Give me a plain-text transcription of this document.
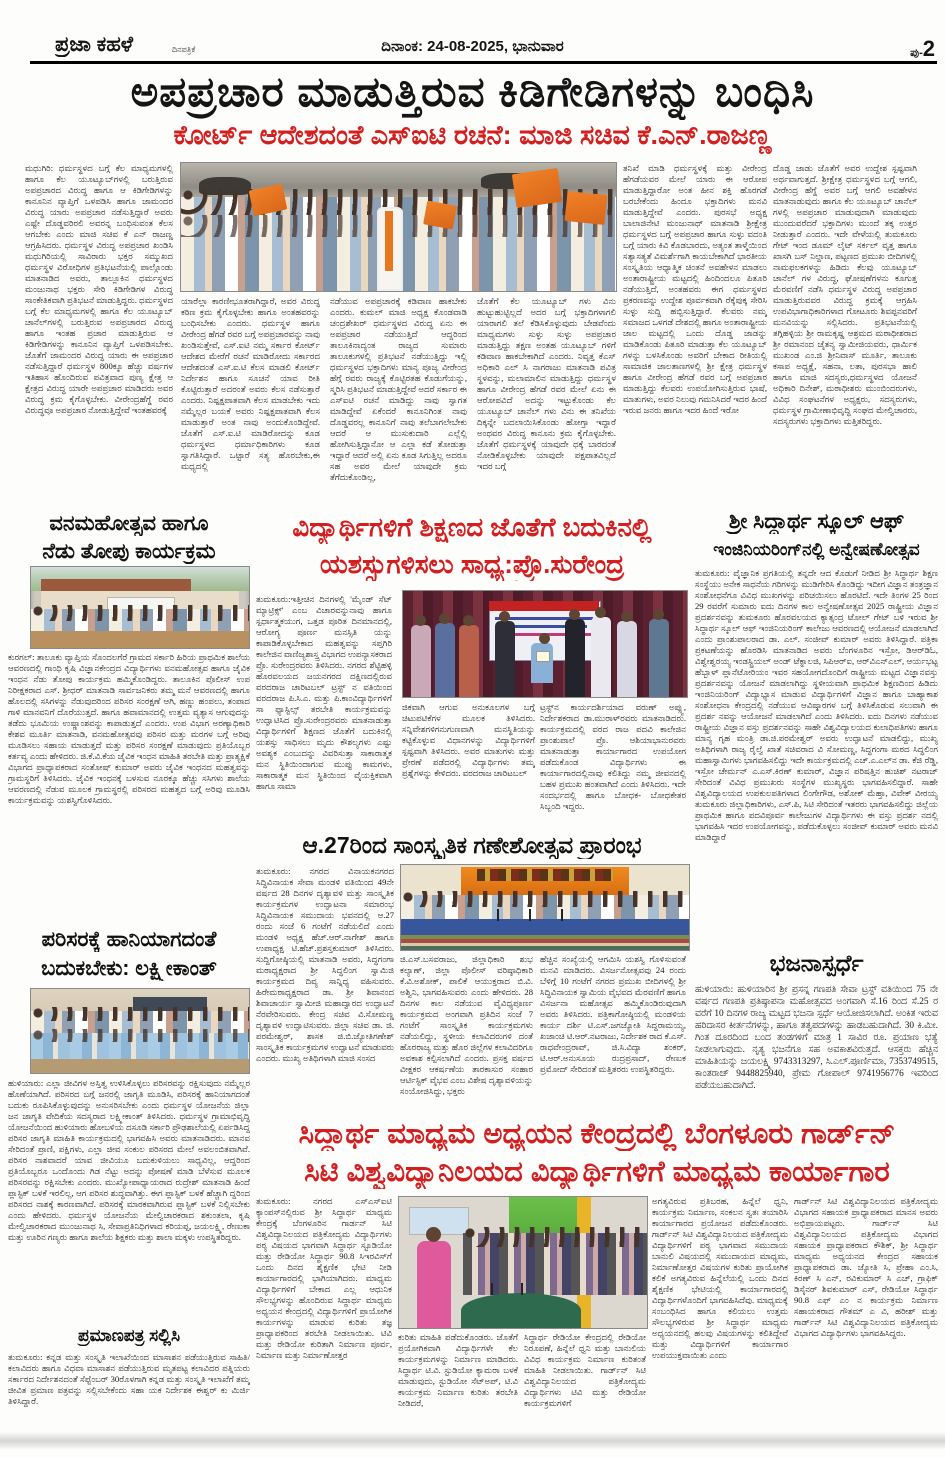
ಪ್ರಜಾ ಕಹಳೆ	ದಿನಪತ್ರಿಕೆ	ದಿನಾಂಕ: 24-08-2025, ಭಾನುವಾರ	ಪು-2
ಅಪಪ್ರಚಾರ ಮಾಡುತ್ತಿರುವ ಕಿಡಿಗೇಡಿಗಳನ್ನು ಬಂಧಿಸಿ
ಕೋರ್ಟ್ ಆದೇಶದಂತೆ ಎಸ್‌ಐಟಿ ರಚನೆ: ಮಾಜಿ ಸಚಿವ ಕೆ.ಎನ್.ರಾಜಣ್ಣ
ಮಧುಗಿರಿ: ಧರ್ಮಸ್ಥಳದ ಬಗ್ಗೆ ಕೆಲ ಮಾಧ್ಯಮಗಳಲ್ಲಿ ಹಾಗೂ ಕೆಲ ಯೂಟ್ಯೂಬ್‌ಗಳಲ್ಲಿ ಬರುತ್ತಿರುವ ಅಪಪ್ರಚಾರದ ವಿರುದ್ಧ ಹಾಗೂ ಆ ಕಿಡಿಗೇಡಿಗಳನ್ನು ಕಾನೂನಿನ ವ್ಯಾಪ್ತಿಗೆ ಒಳಪಡಿಸಿ ಹಾಗೂ ಜಾಮಂದರ ವಿರುದ್ಧ ಯಾರು ಅಪಪ್ರಚಾರ ನಡೆಸುತ್ತಿದ್ದಾರೆ ಅವರು ಎಷ್ಟೇ ದೊಡ್ಡವರಿರಲಿ ಅವರನ್ನ ಬಂಧಿಸುವಂತ ಕೆಲಸ ಆಗಬೇಕು ಎಂದು ಮಾಜಿ ಸಚಿವ ಕೆ ಎನ್ ರಾಜಣ್ಣ ಆಗ್ರಹಿಸಿದರು. ಧರ್ಮಸ್ಥಳ ವಿರುದ್ಧ ಅಪಪ್ರಚಾರ ಖಂಡಿಸಿ ಮಧುಗಿರಿಯಲ್ಲಿ ಸಾವಿರಾರು ಭಕ್ತರ ಸಮ್ಮುಖದ ಧರ್ಮಸ್ಥಳ ವಿರೋಧಿಗಳ ಪ್ರತಿಭಟನೆಯಲ್ಲಿ ಪಾಲ್ಗೊಂಡು ಮಾತನಾಡಿದ ಅವರು, ತಾಲ್ಲೂಕಿನ ಧರ್ಮಸ್ಥಳದ ಮಂಜುನಾಥ ಭಕ್ತರು ಸೇರಿ ಕಿಡಿಗೇಡಿಗಳ ವಿರುದ್ಧ ಸಾಂಕೇತಿಕವಾಗಿ ಪ್ರತಿಭಟನೆ ಮಾಡುತ್ತಿದ್ದರು. ಧರ್ಮಸ್ಥಳದ ಬಗ್ಗೆ ಕೆಲ ಮಾಧ್ಯಮಗಳಲ್ಲಿ ಹಾಗೂ ಕೆಲ ಯೂಟ್ಯೂಬ್ ಚಾನೆಲ್‌ಗಳಲ್ಲಿ ಬರುತ್ತಿರುವ ಅಪಪ್ರಚಾರದ ವಿರುದ್ಧ ಹಾಗೂ ಇಂತಹ ಪ್ರಚಾರ ಮಾಡುತ್ತಿರುವ ಆ ಕಿಡಿಗೇಡಿಗಳನ್ನು ಕಾನೂನಿನ ವ್ಯಾಪ್ತಿಗೆ ಒಳಪಡಿಸಬೇಕು. ಜೊತೆಗೆ ಜಾಮಂದರ ವಿರುದ್ಧ ಯಾರು ಈ ಅಪಪ್ರಚಾರ ನಡೆಸುತ್ತಿದ್ದಾರೆ ಧರ್ಮಸ್ಥಳ 800ಕ್ಕೂ ಹೆಚ್ಚು ವರ್ಷಗಳ ಇತಿಹಾಸ ಹೊಂದಿರುವ ಪವಿತ್ರವಾದ ಪುಣ್ಯ ಕ್ಷೇತ್ರ ಆ ಕ್ಷೇತ್ರದ ವಿರುದ್ಧ ಯಾರೇ ಅಪಪ್ರಚಾರ ಮಾಡಿದರು ಅವರ ವಿರುದ್ಧ ಕ್ರಮ ಕೈಗೊಳ್ಳಬೇಕು. ವೀರೇಂದ್ರಹೆಗ್ಡೆ ರವರ ವಿರುದ್ಧವೂ ಅಪಪ್ರಚಾರ ನೋಡುತ್ತಿದ್ದೇವೆ ಇಂತಹವರಕ್ಕೆ
ಯಾರೆಲ್ಲಾ ಕಾರಣೀಭೂತರಾಗಿದ್ದಾರೆ, ಅವರ ವಿರುದ್ಧ ಕಠಿಣ ಕ್ರಮ ಕೈಗೊಳ್ಳಬೇಕು ಹಾಗೂ ಅಂತಹವರನ್ನು ಬಂಧಿಸಬೇಕು ಎಂದರು. ಧರ್ಮಸ್ಥಳ ಹಾಗೂ ವೀರೇಂದ್ರ ಹೆಗಡೆ ರವರ ಬಗ್ಗೆ ಅಪಪ್ರಚಾರವನ್ನು ನಾವು ಖಂಡಿಸುತ್ತೇವೆ, ಎಸ್.ಐಟಿ ನಮ್ಮ ಸರ್ಕಾರ ಕೋರ್ಟ್ ಆದೇಶದ ಮೇರೆಗೆ ರಚನೆ ಮಾಡಿರೋದು ಸರ್ಕಾರದ ಆದೇಶದಂತೆ ಎಸ್.ಐ.ಟಿ ಕೆಲಸ ಮಾಡಲಿ ಕೋರ್ಟ್ ನಿರ್ದೇಶನ ಹಾಗೂ ಸೂಚನೆ ಯಾವ ರೀತಿ ಕೊಟ್ಟಿರುತ್ತಾರೆ ಅದರಂತೆ ಅವರು ಕೆಲಸ ನಡೆಸುತ್ತಾರೆ ಎಂದರು. ನಿಷ್ಪಕ್ಷಪಾತವಾಗಿ ಕೆಲಸ ಮಾಡಬೇಕು ಇದು ನಮ್ಮೆಲ್ಲರ ಬಯಕೆ ಅವರು ನಿಷ್ಪಕ್ಷಪಾತವಾಗಿ ಕೆಲಸ ಮಾಡುತ್ತಾರೆ ಅಂತ ನಾವು ಅಂದುಕೊಂಡಿದ್ದೇವೆ. ಜೊತೆಗೆ ಎಸ್.ಐ.ಟಿ ಮಾಡಿರೋದನ್ನು ಕೂಡ ಧರ್ಮಸ್ಥಳದ ಧರ್ಮಾಧಿಕಾರಿಗಳು ಕೂಡ ಸ್ವಾಗತಿಸಿದ್ದಾರೆ. ಒಟ್ಟಾರೆ ಸತ್ಯ ಹೊರಬೇಕು,ಈ ಮಧ್ಯದಲ್ಲಿ
ನಡೆಯುವ ಅಪಪ್ರಚಾರಕ್ಕೆ ಕಡಿವಾಣ ಹಾಕಬೇಕು ಎಂದರು. ಕುಮಲ್ ಮಾಜಿ ಅಧ್ಯಕ್ಷ ಕೊಂಡವಾಡಿ ಚಂದ್ರಶೇಖರ್ ಧರ್ಮಸ್ಥಳದ ವಿರುದ್ಧ ಏನು ಈ ಅಪಪ್ರಚಾರ ನಡೆಯುತ್ತಿದೆ ಆದ್ದರಿಂದ ತಾಲೂಕಿನಾದ್ಯಂತ ರಾಜ್ಯದ ಸುಮಾರು ತಾಲೂಕುಗಳಲ್ಲಿ ಪ್ರತಿಭಟನೆ ನಡೆಯುತ್ತಿದ್ದು ಇಲ್ಲಿ ಧರ್ಮಸ್ಥಳದ ಭಕ್ತಾದಿಗಳು ಮಾನ್ಯ ಪೂಜ್ಯ ವೀರೇಂದ್ರ ಹೆಗ್ಗೆ ರವರು ರಾಜ್ಯಕ್ಕೆ ಕೊಟ್ಟಿರತಹ ಕೊಡುಗೆಯನ್ನು, ಸ್ಮರಿಸಿ ಪ್ರತಿಭಟನೆ ಮಾಡುತ್ತಿದ್ದೇವೆ ಅದರೆ ಸರ್ಕಾರ ಈ ಎಸ್ಐಟಿ ರಚನೆ ಮಾಡಿದ್ದು ನಾವು ಸ್ವಾಗತ ಮಾಡಿದ್ದೇವೆ ಏಕೆಂದರೆ ಕಾನೂನಿಗಿಂತ ನಾವು ದೊಡ್ಡವರಲ್ಲ ಕಾನೂನಿಗೆ ನಾವು ತಲೆಬಾಗಲೇಬೇಕು ಆದರೆ ಆ ಮುಸುಕುದಾರಿ ಎಲ್ಲೆಲ್ಲಿ ಹೋಗಿಸುತ್ತಿದ್ದಾನೋ ಆ ಎಲ್ಲಾ ಕಡೆ ತೋಡುತ್ತಾ ಇದ್ದಾರೆ ಆದರೆ ಅಲ್ಲಿ ಏನು ಕೂಡ ಸಿಗುತ್ತಿಲ್ಲ ಅದರೂ ಸಹ ಅವರ ಮೇಲೆ ಯಾವುದೇ ಕ್ರಮ ತೆಗೆದುಕೊಂಡಿಲ್ಲ,
ಜೊತೆಗೆ ಕೆಲ ಯೂಟ್ಯೂಬ್ ಗಳು ವಿನು ಹುಟ್ಟುಹುಟ್ಟಿಲ್ಲದೆ ಅದರ ಬಗ್ಗೆ ಭಕ್ತಾದಿಗಳಾಗಲಿ ಯಾರಾಗಲಿ ತಲೆ ಕೆಡಿಸಿಕೊಳ್ಳುವುದು ಬೇಡವೆಂದು ಮಾಧ್ಯಮಗಳು ಸುಳ್ಳು ಸುಳ್ಳು ಅಪಪ್ರಚಾರ ಮಾಡುತ್ತಿದ್ದು ತಕ್ಷಣ ಅಂತಹ ಯೂಟ್ಯೂಬ್ ಗಳಿಗೆ ಕಡಿವಾಣ ಹಾಕಬೇಕಾಗಿದೆ ಎಂದರು. ನಿವೃತ್ತ ಕೆಎಸ್ ಅಧಿಕಾರಿ ಎಲ್ ಸಿ ನಾಗರಾಜು ಮಾತನಾಡಿ ಪವಿತ್ರ ಸ್ಥಳವನ್ನು, ಮಲಾಮಾಲಿನ ಮಾಡುತ್ತಿದ್ದು ಧರ್ಮಸ್ಥಳ ಹಾಗೂ ವೀರೇಂದ್ರ ಹೆಗಡೆ ರವರ ಮೇಲೆ ಏನು ಈ ಆರೋಪವಿದೆ ಅದನ್ನು ಇಟ್ಟುಕೊಂಡು ಕೆಲ ಯೂಟ್ಯೂಬ್ ಚಾನೆಲ್ ಗಳು ವಿನು ಈ ತನಿಖೆಯ ದಿಕ್ಕನ್ನೇ ಬದಲಾಯಿಸಿಕೊಂಡು ಹೋಗ್ತಾ ಇದ್ದಾರೆ ಅಂಥವರ ವಿರುದ್ಧ ಕಾನೂನು ಕ್ರಮ ಕೈಗೊಳ್ಳಬೇಕು. ಜೊತೆಗೆ ಧರ್ಮಸ್ಥಳಕ್ಕೆ ಯಾವುದೇ ಧಕ್ಕೆ ಬಾರದಂತೆ ನೋಡಿಕೊಳ್ಳಬೇಕು ಯಾವುದೇ ಪಕ್ಷಪಾತವಿಲ್ಲದೆ ಇದರ ಬಗ್ಗೆ
ತನಿಖೆ ಮಾಡಿ ಧರ್ಮಸ್ಥಳಕ್ಕೆ ಮತ್ತು ವೀರೇಂದ್ರ ಹೆಗಡೆಯವರ ಮೇಲೆ ಯಾರು ಈ ಆರೋಪ ಮಾಡುತ್ತಿದ್ದಾರೋ ಅಂತ ಹೀನ ಶಕ್ತಿ ಹೊರಗಡೆ ಬರಬೇಕೆಂದು ಹಿಂದೂ ಭಕ್ತಾದಿಗಳು ಮನವಿ ಮಾಡುತ್ತಿದ್ದೇವೆ ಎಂದರು. ಪುರಸಭೆ ಅಧ್ಯಕ್ಷ ಬಾಲಾಜಿನೇಟಿ ಮಂಜುನಾಥ್ ಮಾತನಾಡಿ ಶ್ರೀಕ್ಷೇತ್ರ ಧರ್ಮಸ್ಥಳದ ಬಗ್ಗೆ ಅಪಪ್ರಚಾರ ಹಾಗೂ ಸುಳ್ಳು ವದಂತಿ ಬಗ್ಗೆ ಯಾರು ಕಿವಿ ಕೊಡಬಾರದು, ಅತ್ಯಂತ ತಾಳ್ಮೆಯಿಂದ ಸತ್ಯಾಸತ್ಯತೆ ವಿಮರ್ಶೆಗಾಗಿ ಕಾಯಬೇಕಾಗಿದೆ ಭಾರತೀಯ ಸಂಸ್ಕೃತಿಯ ಆಧ್ಯಾತ್ಮಿಕ ಚಿಂತನೆ ಅವಹೇಳನ ಮಾಡಲು ಅಂತಾರಾಷ್ಟ್ರೀಯ ಮಟ್ಟದಲ್ಲಿ ಹಿಂದಿಂದಲೂ ಪಿತೂರಿ ನಡೆಯುತ್ತಿದೆ, ಅಂತಹವರು ಈಗ ಧರ್ಮಸ್ಥಳದ ಪ್ರಕರಣವನ್ನು ಉದ್ದೇಶ ಪೂರ್ವಕವಾಗಿ ರೆಕ್ಕೆಪುಕ್ಕ ಸೇರಿಸಿ ಸುಳ್ಳು ಸುದ್ದಿ ಹಬ್ಬಿಸುತ್ತಿದ್ದಾರೆ. ಕೆಲವರು ನಮ್ಮ ಸಮಾಜದ ಒಳಗಡೆ ದೇಶದಲ್ಲಿ ಹಾಗೂ ಅಂತಾರಾಷ್ಟ್ರೀಯ ಜಾಲ ಮಟ್ಟದಲ್ಲಿ ಒಂದು ದೊಡ್ಡ ಜಾಡನ್ನು ಮಾಡಿಕೊಂಡು ಪಿತೂರಿ ಮಾಡುತ್ತಾ ಕೆಲ ಯೂಟ್ಯೂಬ್ ಗಳನ್ನು ಬಳಸಿಕೊಂಡು ಅವರಿಗೆ ಬೇಕಾದ ರೀತಿಯಲ್ಲಿ ಸಾಮಾಜಿಕ ಜಾಲತಾಣಗಳಲ್ಲಿ ಶ್ರೀ ಕ್ಷೇತ್ರ ಧರ್ಮಸ್ಥಳ ಹಾಗೂ ವೀರೇಂದ್ರ ಹೆಗಡೆ ರವರ ಬಗ್ಗೆ ಅಪಪ್ರಚಾರ ಮಾಡುತ್ತಿದ್ದು ಕೆಲವರು ಉಪಯೋಗಿಸುತ್ತಿರುವ ಭಾಷೆ, ಮಾತುಗಳು, ಅವರ ನಿಲುವು ಗಮನಿಸಿದರೆ ಇದರ ಹಿಂದೆ ಇರುವ ಜನರು ಹಾಗೂ ಇದರ ಹಿಂದೆ ಇರೋ
ದೊಡ್ಡ ಜಾಡು ಜೊತೆಗೆ ಅವರ ಉದ್ದೇಶ ಸ್ಪಷ್ಟವಾಗಿ ಅರ್ಥವಾಗುತ್ತದೆ. ಶ್ರೀಕ್ಷೇತ್ರ ಧರ್ಮಸ್ಥಳದ ಬಗ್ಗೆ ಆಗಲಿ, ವೀರೇಂದ್ರ ಹೆಗ್ಡೆ ಅವರ ಬಗ್ಗೆ ಆಗಲಿ ಅವಹೇಳನ ಮಾತನಾಡುವುದು ಹಾಗೂ ಕೆಲ ಯೂಟ್ಯೂಬ್ ಚಾನೆಲ್ ಗಳಲ್ಲಿ ಅಪಪ್ರಚಾರ ಮಾಡುವುದಾಗಿ ಮಾಡುವುದು ಮುಂದುವರೆದರೆ ಭಕ್ತಾದಿಗಳು ಮುಂದೆ ತಕ್ಕ ಉತ್ತರ ನೀಡುತ್ತಾರೆ ಎಂದರು. ಇದೇ ವೇಳೆಯಲ್ಲಿ ತುಮಕೂರು ಗೇಟ್ ಇಂದ ಡೂಮ್ ಲೈಟ್ ಸರ್ಕಲ್ ವೃತ್ತ ಹಾಗೂ ಖಾಸಗಿ ಬಸ್ ನಿಲ್ದಾಣ, ಪಟ್ಟಣದ ಪ್ರಮುಖ ಬೀದಿಗಳಲ್ಲಿ ನಾಮಫಲಕಗಳನ್ನು ಹಿಡಿದು ಕೆಲವು ಯೂಟ್ಯೂಬ್ ಚಾನೆಲ್ ಗಳ ವಿರುದ್ಧ, ಘೋಷಣೆಗಳನು ಕೂಗುತ್ತ ಮೆರವಣಿಗೆ ನಡೆಸಿ ಧರ್ಮಸ್ಥಳ ವಿರುದ್ಧ ಅಪಪ್ರಚಾರ ಮಾಡುತ್ತಿರುವವರ ವಿರುದ್ಧ ಕ್ರಮಕ್ಕೆ ಆಗ್ರಹಿಸಿ ಉಪವಿಭಾಗಾಧಿಕಾರಿಗಳಾದ ಗೋಟೂರು ಶಿವಪ್ಪನವರಿಗೆ ಮನವಿಯನ್ನು ಸಲ್ಲಿಸಿದರು. ಪ್ರತಿಭಟನೆಯಲ್ಲಿ ತಗ್ಗಿಹಳ್ಳಿಯ ಶ್ರೀ ರಾಮಕೃಷ್ಣ ಆಶ್ರಮದ ಮಠಾಧೀಶರಾದ ಶ್ರೀ ರಮಾನಂದ ಚೈತನ್ಯ ಸ್ವಾಮೀಜಿಯವರು, ಧಾರ್ಮಿಕ ಮುಖಂಡ ಎಂ.ಜಿ ಶ್ರೀನಿವಾಸ್ ಮೂರ್ತಿ, ತಾಲೂಕು ಕಸಾಪ ಅಧ್ಯಕ್ಷೆ, ಸಹನಾ, ಲತಾ, ಪುರಸಭಾ ಹಾಲಿ ಹಾಗೂ ಮಾಜಿ ಸದಸ್ಯರು,ಧರ್ಮಸ್ಥಳದ ಯೋಜನೆ ಅಧಿಕಾರಿ ದಿನೇಶ್, ಮಠಾಧೀಶರು ಮುಂಬಿಂದರುಗಳು, ವಿವಿಧ ಸಂಘಟನೆಗಳ ಅಧ್ಯಕ್ಷರು, ಸದಸ್ಯರುಗಳು, ಧರ್ಮಸ್ಥಳ ಗ್ರಾಮೀಣಾಭಿವೃದ್ಧಿ ಸಂಘದ ಮೇಲ್ವಿಚಾರರು, ಸದಸ್ಯರುಗಳು ಭಕ್ತಾದಿಗಳು ಮತ್ತಿತರಿದ್ದರು.
ವನಮಹೋತ್ಸವ ಹಾಗೂ
ನೆಡು ತೋಪು ಕಾರ್ಯಕ್ರಮ
ಕುರಗಲ್: ತಾಲೂಕು ವ್ಯಾಪ್ತಿಯ ಸೊಂದಲಗೆರೆ ಗ್ರಾಮದ ಸರ್ಕಾರಿ ಹಿರಿಯ ಪ್ರಾಥಮಿಕ ಶಾಲೆಯ ಆವರಣದಲ್ಲಿ ಗಾಂಧಿ ಕೃಷಿ ವಿಜ್ಞಾನಕೇಂದ್ರದ ವಿದ್ಯಾರ್ಥಿಗಳು ವನಮಹೋತ್ಸವ ಹಾಗೂ ಜೈವಿಕ ಇಂಧನ ನೆಡು ತೋಪು ಕಾರ್ಯಕ್ರಮ ಹಮ್ಮಿಕೊಂಡಿದ್ದರು. ತಾಲೂಕಿನ ಪೊಲೀಸ್ ಉಪ ನಿರೀಕ್ಷಕರಾದ ಎಸ್. ಶ್ರೀಧರ್ ಮಾತನಾಡಿ ಸಾರ್ವಜನಿಕರು ತಮ್ಮ ಮನೆ ಆವರಣದಲ್ಲಿ ಹಾಗೂ ಹೊಲದಲ್ಲಿ ಸಸಿಗಳನ್ನು ನೆಡುವುದರಿಂದ ಪರಿಸರ ಸಂರಕ್ಷಣೆ ಆಗಿ, ಹಣ್ಣು ಹಂಪಲು, ತಂಪಾದ ಗಾಳಿ ಮಾನವನಿಗೆ ದೊರೆಯುತ್ತದೆ. ಹಾಗೂ ಹವಾಮಾನದಲ್ಲಿ ಉತ್ತಮ ವ್ಯತ್ಯಾಸ ಆಗುವುದನ್ನು ತಡೆದು ಭೂಮಿಯ ಉಷ್ಣಾಂಶವನ್ನು ಕಾಪಾಡುತ್ತದೆ ಎಂದರು. ಉಪ ವಿಭಾಗ ಅರಣ್ಯಾಧಿಕಾರಿ ಕೇಶವ ಮೂರ್ತಿ ಮಾತನಾಡಿ, ವನಮಹೋತ್ಸವವು ಪರಿಸರ ಮತ್ತು ಮರಗಳ ಬಗ್ಗೆ ಅರಿವು ಮೂಡಿಸಲು ಸಹಾಯ ಮಾಡುತ್ತದೆ ಮತ್ತು ಪರಿಸರ ಸಂರಕ್ಷಣೆ ಮಾಡುವುದು ಪ್ರತಿಯೊಬ್ಬರ ಕರ್ತವ್ಯ ಎಂದು ಹೇಳಿದರು. ಜಿ.ಕೆ.ವಿ.ಕೆಯ ಜೈವಿಕ ಇಂಧನ ಮಾಹಿತಿ ತರಬೇತಿ ಮತ್ತು ಪ್ರಾತ್ಯಕ್ಷಿಕೆ ವಿಭಾಗದ ಪ್ರಾಧ್ಯಾಪಕರಾದ ಸಂತೋಷ್ ಕುಮಾರ್ ಅವರು ಜೈವಿಕ ಇಂಧನದ ಮಹತ್ವವನ್ನು ಗ್ರಾಮಸ್ಥರಿಗೆ ತಿಳಿಸಿದರು. ಜೈವಿಕ ಇಂಧನಕ್ಕೆ ಬಳಸುವ ನೂರಕ್ಕೂ ಹೆಚ್ಚು ಸಸಿಗಳು ಶಾಲೆಯ ಆವರಣದಲ್ಲಿ ನೆಡುವ ಮೂಲಕ ಗ್ರಾಮಸ್ಥರಲ್ಲಿ ಪರಿಸರದ ಮಹತ್ವದ ಬಗ್ಗೆ ಅರಿವು ಮೂಡಿಸಿ ಕಾರ್ಯಕ್ರಮವನ್ನು ಯಶಸ್ವಿಗೊಳಿಸಿದರು.
ವಿದ್ಯಾರ್ಥಿಗಳಿಗೆ ಶಿಕ್ಷಣದ ಜೊತೆಗೆ ಬದುಕಿನಲ್ಲಿ
ಯಶಸ್ಸುಗಳಿಸಲು ಸಾಧ್ಯ:ಪ್ರೊ.ಸುರೇಂದ್ರ
ತುಮಕೂರು:ಇತ್ತೀಚಿನ ದಿನಗಳಲ್ಲಿ 'ಮೈಂಡ್ ಸೆಟ್ ಮ್ಯಾಟ್ರಿಕ್ಸ್' ಎಂಬ ವಿಚಾರವನ್ನುನಾವು ಹಾಗೂ ಸ್ಪರ್ಧಾತ್ಮಕಯುಗ, ಒತ್ತಡ ಪೂರಿತ ದಿನಮಾನದಲ್ಲಿ, ಆರೋಗ್ಯ ಪೂರ್ಣ ಮನಸ್ಸಿತಿ ಯನ್ನು ಕಾಪಾಡಿಕೊಳ್ಳಬೇಕಾದ ಮಹತ್ವವನ್ನು ಸಪ್ತಗಿರಿ ಕಾಲೇಜಿನ ವಾಣಿಜ್ಯಶಾಸ್ತ್ರ ವಿಭಾಗದ ಉಪನ್ಯಾಸಕರಾದ ಪ್ರೊ. ಸುರೇಂದ್ರರವರು ತಿಳಿಸಿದರು. ನಗರದ ಶೆಟ್ಟಿಹಳ್ಳಿ ಹೊರವಲಯದ ಜಯನಗರದ ದಕ್ಷಿಣದಲ್ಲಿರುವ ವರದರಾಜ ಚಾರಿಟಬಲ್ ಟ್ರಸ್ಟ್ ನ ವತಿಯಿಂದ ವರದರಾಜ ಪಿ.ಸಿ.ಎ. ಮತ್ತು ಪಿ.ಕಾಂವಿದ್ಯಾರ್ಥಿಗಳಿಗೆ ಸಾ ಫ್ಯಾಸ್ಟಿಲ್ಸ್ ತರಬೇತಿ ಕಾರ್ಯಕ್ರಮವನ್ನು ಉದ್ಘಾಟಿಸಿದ ಪ್ರೊ.ಸುರೇಂದ್ರರವರು ಮಾತನಾಡುತ್ತಾ ವಿದ್ಯಾರ್ಥಿಗಳಿಗೆ ಶಿಕ್ಷಣದ ಜೊತೆಗೆ ಬದುಕಿನಲ್ಲಿ ಯಶಸ್ಸು ಸಾಧಿಸಲು ಮೃದು ಕೌಶಲ್ಯಗಳು ಎಷ್ಟು ಅವಶ್ಯಕ ಎಂಬುದನ್ನು ವಿವರಿಸುತ್ತಾ ಸಾಕಾರಾತ್ಮಕ ಮನ ಸ್ಥಿತಿಯಿಂದಾಗುವ ಮುಪ್ಪು ಕಾಮಗಳು, ಸಾಕಾರಾತ್ಮಕ ಮನ ಸ್ಥಿತಿಯಿಂದ ವೈಯಕ್ತಿಕವಾಗಿ ಹಾಗೂ ಸಾಮಾ
ಜಿಕವಾಗಿ ಆಗುವ ಅನುಕೂಲಗಳ ಬಗ್ಗೆ ಚಿಟುಪಟಿಕೆಗಳ ಮೂಲಕ ತಿಳಿಸಿದರು. ಸನ್ನಿವೇಶಗಳಿಗನುಗುಣವಾಗಿ ಮನಸ್ಥಿತಿಯನ್ನು ಕಟ್ಟಿಕೊಳ್ಳುವ ವಿಧಾನಗಳನ್ನು ವಿದ್ಯಾರ್ಥಿಗಳಿಗೆ ಸ್ಪಷ್ಟವಾಗಿ ತಿಳಿಸಿದರು. ಅವರ ಮಾತುಗಳು ಮತ್ತು ಪ್ರೇರಣೆ ಪಡೆದರಲ್ಲಿ ವಿದ್ಯಾರ್ಥಿಗಳು ತಮ್ಮ ಪ್ರಶ್ನೆಗಳನ್ನು ಕೇಳಿದರು. ವರದರಾಜ ಚಾರಿಟಬಲ್
ಟ್ರಸ್ಟ್‌ನ ಕಾರ್ಯದರ್ಶಿಯಾದ ವರುಣ್ ಅಪ್ಸ್ವು, ನಿರ್ದೇಶಕರಾದ ಡಾ.ಮುರಾಳ್‌ರವರು ಮಾತನಾಡಿದರು. ಕಾರ್ಯಕ್ರಮದಲ್ಲಿ ವರದ ರಾಜ ಪದವಿ ಕಾಲೇಜಿನ ಪ್ರಾಂಶುಪಾಲೆ ಪ್ರೊ. ಆಶಿಯಾಭಾನುರವರು ಮಾತನಾಡುತ್ತಾ ಕಾರ್ಯಾಗಾರದ ಉಪಯೋಗ ಪಡೆದುಕೊಂಡ ವಿದ್ಯಾರ್ಥಿಗಳು ಈ ಕಾರ್ಯಾಗಾರದಲ್ಲಿನಾವು ಕಲಿತಿದ್ದು ನಮ್ಮ ಜೀವನದಲ್ಲಿ ಬಹಳ ಪ್ರಮುಖ ಹಂತವಾಗಿದೆ ಎಂದು ತಿಳಿಸಿದರು. ಇದೇ ಸಂದರ್ಭದಲ್ಲಿ ಹಾಗೂ ಬೋಧಕ- ಬೋಧಕೇತರ ಸಿಬ್ಬಂದಿ ಇದ್ದರು.
ಆ.27ರಿಂದ ಸಾಂಸ್ಕೃತಿಕ ಗಣೇಶೋತ್ಸವ ಪ್ರಾರಂಭ
ತುಮಕೂರು: ನಗರದ ವಿನಾಯಕನಗರದ ಸಿದ್ಧಿವಿನಾಯಕ ಸೇವಾ ಮಂಡಳಿ ವತಿಯಿಂದ 49ನೇ ವರ್ಷದ 28 ದಿನಗಳ ದೃಶ್ಯಾವಳಿ ಮತ್ತು ಸಾಂಸ್ಕೃತಿಕ ಕಾರ್ಯಕ್ರಮಗಳ ಉದ್ಘಾಟನಾ ಸಮಾರಂಭ ಸಿದ್ಧಿವಿನಾಯಕ ಸಮುದಾಯ ಭವನದಲ್ಲಿ ಆ.27 ರಂದು ಸಂಜೆ 6 ಗಂಟೆಗೆ ನಡೆಯಲಿದೆ ಎಂದು ಮಂಡಳಿ ಅಧ್ಯಕ್ಷ ಹೆಚ್.ಆರ್.ನಾಗೇಶ್ ಹಾಗೂ ಉಪಾಧ್ಯಕ್ಷ ಟಿ.ಹೆಚ್.ಪ್ರಶಸ್ತಕುಮಾರ್ ತಿಳಿಸಿದರು. ಸುದ್ದಿಗೋಷ್ಠಿಯಲ್ಲಿ ಮಾತನಾಡಿ ಅವರು, ಸಿದ್ಧಗಂಗಾ ಮಠಾಧ್ಯಕ್ಷರಾದ ಶ್ರೀ ಸಿದ್ಧಲಿಂಗ ಸ್ವಾಮಿಜಿ ಕಾರ್ಯಕ್ರಮದ ದಿವ್ಯ ಸಾನ್ನಿಧ್ಯ ವಹಿಸುವರು. ಹಿರೇಮಠಾಧ್ಯಕ್ಷರಾದ ಡಾ. ಶ್ರೀ ಶಿವಾನಂದ ಶಿವಾಚಾರ್ಯ ಸ್ವಾಮೀಜಿ ಮಹಾದ್ವಾರದ ಉದ್ಘಾಟನೆ ನೆರವೇರಿಸುವರು. ಕೇಂದ್ರ ಸಚಿವ ವಿ.ಸೋಮಣ್ಣ ದೃಶ್ಯಾವಳಿ ಉದ್ಘಾಟಿಸುವರು. ಜಿಲ್ಲಾ ಸಚಿವ ಡಾ. ಜಿ. ಪರಮೇಶ್ವರ್, ಶಾಸಕ ಜಿ.ಬಿ.ಜ್ಯೋತಿಗಣೇಶ್ ಸಾಂಸ್ಕೃತಿಕ ಕಾರ್ಯಕ್ರಮಗಳ ಉದ್ಘಾಟನೆ ಮಾಡುವರು ಎಂದರು. ಮುಖ್ಯ ಅತಿಥಿಗಳಾಗಿ ಮಾಜಿ ಸಂಸದ
ಜಿ.ಎಸ್.ಬಸವರಾಜು, ಜಿಲ್ಲಾಧಿಕಾರಿ ಶುಭ ಕಲ್ಯಾಣ್, ಜಿಲ್ಲಾ ಪೊಲೀಸ್ ವರಿಷ್ಠಾಧಿಕಾರಿ ಕೆ.ವಿ.ಅಶೋಕ್, ಪಾಲಿಕೆ ಆಯುಕ್ತರಾದ ಬಿ.ವಿ. ಅಶ್ವಿನಿ, ಭಾಗವಹಿಸುವರು ಎಂದು ಹೇಳಿದರು. 28 ದಿನಗಳ ಕಾಲ ನಡೆಯುವ ವೈವಿಧ್ಯಪೂರ್ಣ ಕಾರ್ಯಕ್ರಮದ ಅಂಗವಾಗಿ ಪ್ರತಿದಿನ ಸಂಜೆ 7 ಗಂಟೆಗೆ ಸಾಂಸ್ಕೃತಿಕ ಕಾರ್ಯಕ್ರಮಗಳು ನಡೆಯಲಿದ್ದು, ಸ್ಥಳೀಯ ಕಲಾವಿದರುಗಳಿ ದಂತೆ ಹೊರರಾಜ್ಯ ಮತ್ತು ಹೊರ ಜಿಲ್ಲೆಗಳ ಕಲಾವಿದರಿಗೂ ಅವಕಾಶ ಕಲ್ಪಿಸಲಾಗಿದೆ ಎಂದರು. ಪ್ರಸಕ್ತ ವರ್ಷದ ವೀಕ್ಷಕರ ಆಕರ್ಷಣೆಯ ತಾರಕಾಸುರ ಸಂಹಾರ ಆರ್ಟಿಸ್ಟಿಕ್ ವೈಭವ ಎಂಬ ವಿಶೇಷ ದೃಶ್ಯಾವಳಿಯನ್ನು ಸಂಯೋಜಿಸಿದ್ದು, ಭಕ್ತರು
ಹೆಚ್ಚಿನ ಸಂಖ್ಯೆಯಲ್ಲಿ ಆಗಮಿಸಿ ಯಶಸ್ವಿ ಗೊಳಿಸುವಂತೆ ಮನವಿ ಮಾಡಿದರು. ವಿಸರ್ಜನೋತ್ಸವವು 24 ರಂದು ಬೆಳಿಗ್ಗೆ 10 ಗಂಟೆಗೆ ನಗರದ ಪ್ರಮುಖ ಬೀದಿಗಳಲ್ಲಿ ಶ್ರೀ ಸಿದ್ಧಿವಿನಾಯಕ ಸ್ವಾಮಿಯ ವೈಭವದ ಮೆರವಣಿಗೆ ಹಾಗೂ ವಿಸರ್ಜನಾ ಮಹೋತ್ಸವ ಹಮ್ಮಿಕೊಂಡಿರುವುದಾಗಿ ಅವರು ತಿಳಿಸಿದರು. ಪತ್ರಿಕಾಗೋಷ್ಠಿಯಲ್ಲಿ ಮಂಡಳಿಯ ಕಾರ್ಯ ದರ್ಶಿ ಟಿ.ಎಸ್.ಜಗಜ್ಯೋತಿ ಸಿದ್ದರಾಮಯ್ಯ, ಖಜಾಂಚಿ ಟಿ.ಆರ್.ನಟರಾಜು, ನಿರ್ದೇಶಕ ರಾದ ಕೆ.ಎಸ್. ರಾಧವೇಂದ್ರರಾವ್, ಜಿ.ಸಿ.ವಿದ್ಯಾ ಶಂಕರ್, ಟಿ.ಆರ್.ಅನುಸೂಯ ರುದ್ರಪ್ರಸಾದ್, ರೇಣುಕ ಪ್ರಮೋದ್ ಸೇರಿದಂತೆ ಮತ್ತಿತರರು ಉಪಸ್ಥಿತರಿದ್ದರು.
ಶ್ರೀ ಸಿದ್ಧಾರ್ಥ ಸ್ಕೂಲ್ ಆಫ್
ಇಂಜಿನಿಯರಿಂಗ್‌ನಲ್ಲಿ ಅನ್ವೇಷಣೋತ್ಸವ
ತುಮಕೂರು: ವೈಜ್ಞಾನಿಕ ಪ್ರಗತಿಯಲ್ಲಿ ತನ್ನದೇ ಆದ ಕೊಡುಗೆ ನೀಡಿದ ಶ್ರೀ ಸಿದ್ಧಾರ್ಥ ಶಿಕ್ಷಣ ಸಂಸ್ಥೆಯು ಅನೇಕ ಸಾಧನೆಯ ಗರಿಗಳನ್ನು ಮುಡಿಗೇರಿಸಿ ಕೊಂಡಿದ್ದು ಇದೀಗ ವಿಜ್ಞಾನ ತಂತ್ರಜ್ಞಾನ ಸಂಶೋಧನೆಗೂ ವಿವಿಧ ಮುಖಗಳನ್ನು ಪರಿಚಯಿಸಲು ಹೊರಟಿದೆ. ಇದೇ ತಿಂಗಳ 25 ರಿಂದ 29 ರವರೆಗೆ ಸುಮಾರು ಐದು ದಿನಗಳ ಕಾಲ ಅನ್ವೇಷಣೋತ್ಸವ 2025 ರಾಷ್ಟ್ರೀಯ ವಿಜ್ಞಾನ ಪ್ರದರ್ಶನವನ್ನು ತುಮಕೂರು ಹೊರವಲಯದ ಕ್ಯಾತ್ಸಂದ್ರ ಟೋಲ್ ಗೇಟ್ ಬಳಿ ಇರುವ ಶ್ರೀ ಸಿದ್ಧಾರ್ಥ ಸ್ಕೂಲ್ ಆಫ್ ಇಂಜಿನಿಯರಿಂಗ್ ಕಾಲೇಜು ಆವರಣದಲ್ಲಿ ಆಯೋಜನೆ ಮಾಡಲಾಗಿದೆ ಎಂದು ಪ್ರಾಂಶುಪಾಲರಾದ ಡಾ. ಎಲ್. ಸಂಜೀವ್ ಕುಮಾರ್ ಅವರು ತಿಳಿಸಿದ್ದಾರೆ. ಪತ್ರಿಕಾ ಪ್ರಕಟಣೆಯನ್ನು ಹೊರಡಿಸಿ ಮಾತನಾಡಿದ ಅವರು ಬೆಂಗಳೂರಿನ ಇಸ್ರೋ, ಡಿಆರ್‌ಡಿಓ, ವಿಶ್ವೇಶ್ವರಯ್ಯ ಇಂಡಸ್ಟ್ರಿಯಲ್ ಅಂಡ್ ಟೆಕ್ನಾಲಜಿ, ಸಿಪಿಆರ್‌ಐ, ಆರ್‌ವಿಎನ್‌ಎಲ್, ಆರ್ಯಭಟ್ಟ ಹೆಬ್ಬಾಳ್ ಪ್ಲಾನೆಟೋರಿಯಂ ಇವರ ಸಹಯೋಗದೊಂದಿಗೆ ರಾಷ್ಟ್ರೀಯ ಮಟ್ಟದ ವಿಜ್ಞಾನವಸ್ತು ಪ್ರದರ್ಶನವನ್ನು ಯೋಜನೆ ಮಾಡಲಾಗಿದ್ದು ಸ್ಥಳೀಯವಾಗಿ ಪ್ರಾಥಮಿಕ ಶಿಕ್ಷಣದಿಂದ ಹಿಡಿದು ಇಂಜಿನಿಯರಿಂಗ್ ವಿದ್ಯಾಭ್ಯಾಸ ಮಾಡುವ ವಿದ್ಯಾರ್ಥಿಗಳಿಗೆ ವಿಜ್ಞಾನ ಹಾಗೂ ಬಾಹ್ಯಾಕಾಶ ಸಂಶೋಧನಾ ಕೇಂದ್ರದಲ್ಲಿ ನಡೆಯುವ ಆವಿಷ್ಕಾರಗಳ ಬಗ್ಗೆ ತಿಳಿಸಿಕೊಡುವ ಸಲುವಾಗಿ ಈ ಪ್ರದರ್ಶ ನವನ್ನು ಆಯೋಜನೆ ಮಾಡಲಾಗಿದೆ ಎಂದು ತಿಳಿಸಿದರು. ಐದು ದಿನಗಳು ನಡೆಯುವ ರಾಷ್ಟ್ರೀಯ ವಿಜ್ಞಾನ ವಸ್ತು ಪ್ರದರ್ಶನವನ್ನು ಸಾಹೇ ವಿಶ್ವವಿದ್ಯಾಲಯದ ಕುಲಾಧಿಪತಿಗಳು ಹಾಗೂ ಮಾನ್ಯ ಗೃಹ ಮಂತ್ರಿ ಡಾ.ಜಿ.ಪರಮೇಶ್ವರ್ ಅವರು ಉದ್ಘಾಟನೆ ಮಾಡಲಿದ್ದು, ಮುಖ್ಯ ಅತಿಥಿಗಳಾಗಿ ರಾಜ್ಯ ರೈಲ್ವೆ ಖಾತೆ ಸಚಿವರಾದ ವಿ ಸೋಮಣ್ಣ, ಸಿದ್ಧಗಂಗಾ ಮಠದ ಸಿದ್ಧಲಿಂಗ ಮಹಾಸ್ವಾಮಿಗಳು ಭಾಗವಹಿಸಲಿದ್ದು ಇದೇ ಕಾರ್ಯಕ್ರಮದಲ್ಲಿ ಎಚ್.ಎ.ಎಲ್‌ನ ಡಾ. ಕೆಜಿ ರೆಡ್ಡಿ, ಇಸ್ರೋ ಚೇರ್ಮನ್ ಎ.ಎಸ್.ಕಿರಣ್ ಕುಮಾರ್, ವಿಜ್ಞಾನ ಪರಿಷತ್ತಿನ ಹುಚಿಶ್ ನಟರಾಜ್ ಸೇರಿದಂತೆ ವಿವಿಧ ಪ್ರಮುಖರು ಸಂಸ್ಥೆಗಳ ಮುಖ್ಯಸ್ಥರು ಭಾಗವಹಿಸಲಿದ್ದಾರೆ. ಸಾಹೇ ವಿಶ್ವವಿದ್ಯಾಲಯದ ಉಪಕುಲಪತಿಗಳಾದ ಲಿಂಗೇಗೌಡ, ಅಶೋಕ್ ಮೆಹ್ತಾ, ವಿವೇಕ್ ವೀರಯ್ಯ ತುಮಕೂರು ಜಿಲ್ಲಾಧಿಕಾರಿಗಳು, ಎಸ್.ಪಿ, ಸಿಟಿ ಸೇರಿದಂತೆ ಇತರರು ಭಾಗವಹಿಸಲಿದ್ದು ಜಿಲ್ಲೆಯ ಪ್ರಾಥಮಿಕ ಹಾಗೂ ಪದವಿಪೂರ್ವ ಕಾಲೇಜುಗಳ ವಿದ್ಯಾರ್ಥಿಗಳು ಈ ವಸ್ತು ಪ್ರದರ್ಶ ನದಲ್ಲಿ ಭಾಗವಹಿಸಿ ಇದರ ಉಪಯೋಗವನ್ನು, ಪಡೆದುಕೊಳ್ಳಲು ಸಂಜೀವ್ ಕುಮಾರ್ ಅವರು ಮನವಿ ಮಾಡಿದ್ದಾರೆ
ಭಜನಾಸ್ಪರ್ಧೆ
ಹುಳಿಯಾರು: ಹುಳಿಯಾರಿನ ಶ್ರೀ ಪ್ರಸನ್ನ ಗಣಪತಿ ಸೇವಾ ಟ್ರಸ್ಟ್ ವತಿಯಿಂದ 75 ನೇ ವರ್ಷದ ಗಣಪತಿ ಪ್ರತಿಷ್ಠಾಪನಾ ಮಹೋತ್ಸವದ ಅಂಗವಾಗಿ ಸೆ.16 ರಿಂದ ಸೆ.25 ರ ವರೆಗೆ 10 ದಿನಗಳ ರಾಜ್ಯ ಮಟ್ಟದ ಭಜನಾ ಸ್ಪರ್ಧೆ ಆಯೋಜಿಸಲಾಗಿದೆ. ಅಂಕಿತ ಇರುವ ಹರಿದಾಸರ ಕೀರ್ತನೆಗಳನ್ನು, ಹಾಗೂ ತತ್ವಪದಗಳನ್ನು ಹಾಡಬಹುದಾಗಿದೆ. 30 ಕಿ.ಮೀ. ಗಿಂತ ದೂರದಿಂದ ಬಂದ ತಂಡಗಳಿಗೆ ಮಾತ್ರ 1 ಸಾವಿರ ರೂ. ಪ್ರಯಾಣ ಭತ್ಯೆ ನೀಡಲಾಗುವುದು. ನೃತ್ಯ ಭಜನೆಗೂ ಸಹ ಅವಕಾಶವಿರುತ್ತದೆ. ಆಸಕ್ತರು ಹೆಚ್ಚಿನ ಮಾಹಿತಿಯನ್ನು ಜಯಲಕ್ಷ್ಮಿ 9743313297, ಸಿ.ಎಲ್.ಪೂರ್ಣಿಮಾ, 7353749515, ಕಾಂತರಾಜ್ 9448825940, ಪ್ರೇಮ ಗೋಪಾಲ್ 9741956776 ಇವರಿಂದ ಪಡೆಯಬಹುದಾಗಿದೆ.
ಪರಿಸರಕ್ಕೆ ಹಾನಿಯಾಗದಂತೆ
ಬದುಕಬೇಕು: ಲಕ್ಷ್ಮೀಕಾಂತ್
ಹುಳಿಯಾರು: ಎಲ್ಲಾ ಜೀವಿಗಳ ಅಸ್ತಿತ್ವ ಉಳಿಸಿಕೊಳ್ಳಲು ಪರಿಸರವನ್ನು ರಕ್ಷಿಸುವುದು ನಮ್ಮೆಲ್ಲರ ಹೊಣೆಯಾಗಿದೆ. ಪರಿಸರದ ಬಗ್ಗೆ ಜನರಲ್ಲಿ ಜಾಗೃತಿ ಮೂಡಿಸಿ, ಪರಿಸರಕ್ಕೆ ಹಾನಿಯಾಗದಂತೆ ಬದುಕು ರೂಪಿಸಿಕೊಳ್ಳುವುದನ್ನು ಅನುಸರಿಸಬೇಕು ಎಂದು ಧರ್ಮಸ್ಥಳ ಯೋಜನೆಯ ಜಿಲ್ಲಾ ಜನ ಜಾಗೃತಿ ವೇದಿಕೆಯ ಸದಸ್ಯರಾದ ಲಕ್ಷ್ಮೀಕಾಂತ್ ತಿಳಿಸಿದರು. ಧರ್ಮಸ್ಥಳ ಗ್ರಾಮಾಭಿವೃದ್ಧಿ ಯೋಜನೆಯಿಂದ ಹುಳಿಯಾರು ಹೋಬಳಿಯ ದಸೂಡಿ ಸರ್ಕಾರಿ ಪ್ರೌಢಶಾಲೆಯಲ್ಲಿ ಏರ್ಪಡಿಸಿದ್ದ ಪರಿಸರ ಜಾಗೃತಿ ಮಾಹಿತಿ ಕಾರ್ಯಕ್ರಮದಲ್ಲಿ ಭಾಗವಹಿಸಿ ಅವರು ಮಾತನಾಡಿದರು. ಮಾನವ ಸೇರಿದಂತೆ ಪ್ರಾಣಿ, ಪಕ್ಷಿಗಳು, ಎಲ್ಲಾ ಜೀವ ಸಂಕುಲ ಪರಿಸರದ ಮೇಲೆ ಅವಲಂಬಿತವಾಗಿವೆ. ಪರಿಸರ ನಾಶವಾದರೆ ಯಾವ ಜೀವಿಯೂ ಬದುಕುಳಿಯಲು ಸಾಧ್ಯವಿಲ್ಲ, ಆದ್ದರಿಂದ ಪ್ರತಿಯೊಬ್ಬರೂ ಒಂದೊಂದು ಗಿಡ ನೆಟ್ಟು ಅದನ್ನು ಪೋಷಣೆ ಮಾಡಿ ಬೆಳೆಸುವ ಮೂಲಕ ಪರಿಸರವನ್ನು ರಕ್ಷಿಸಬೇಕು ಎಂದರು. ಮುಖ್ಯೋಪಾಧ್ಯಾಯರಾದ ರುದ್ರೇಶ್ ಮಾತನಾಡಿ ಹಿಂದೆ ಪ್ಲಾಸ್ಟಿಕ್ ಬಳಕೆ ಇರಲಿಲ್ಲ, ಆಗ ಪರಿಸರ ಶುದ್ಧವಾಗಿತ್ತು. ಈಗ ಪ್ಲಾಸ್ಟಿಕ್ ಬಳಕೆ ಹೆಚ್ಚಾಗಿ ದ್ದರಿಂದ ಪರಿಸರದ ನಾಶಕ್ಕೆ ಕಾರಣವಾಗಿದೆ. ಪರಿಸರಕ್ಕೆ ಮಾರಕವಾಗಿರುವ ಪ್ಲಾಸ್ಟಿಕ್ ಬಳಕೆ ನಿಲ್ಲಿಸಬೇಕು ಎಂದು ಹೇಳಿದರು. ಧರ್ಮಸ್ಥಳ ಯೋಜನೆಯ ಮೇಲ್ವಿಚಾರಕರಾದ ಶಕುಂತಲಾ, ಕೃಷಿ ಮೇಲ್ವಿಚಾರಕರಾದ ಮುಂಜುನಾಥ ಸಿ, ಸೇವಾಪ್ರತಿನಿಧಿಗಳಾದ ಕರಿಯಪ್ಪ, ಜಯಲಕ್ಷ್ಮಿ, ರೇಣುಕಾ ಮತ್ತು ಊರಿನ ಗಣ್ಯರು ಹಾಗೂ ಶಾಲೆಯ ಶಿಕ್ಷಕರು ಮತ್ತು ಶಾಲಾ ಮಕ್ಕಳು ಉಪಸ್ಥಿತರಿದ್ದರು.
ಪ್ರಮಾಣಪತ್ರ ಸಲ್ಲಿಸಿ
ತುಮಕೂರು: ಕನ್ನಡ ಮತ್ತು ಸಂಸ್ಕೃತಿ ಇಲಾಖೆಯಿಂದ ಮಾಸಾಶನ ಪಡೆಯುತ್ತಿರುವ ಸಾಹಿತಿ/ಕಲಾವಿದರು ಹಾಗೂ ವಿಧವಾ ಮಾಸಾಶನ ಪಡೆಯುತ್ತಿರುವ ಮೃತಪಟ್ಟ ಕಲಾವಿದರ ಪತ್ನಿಯರು ಸರ್ಕಾರದ ನಿರ್ದೇಶನದಂತೆ ಸೆಪ್ಟೆಂಬರ್ 30ರೊಳಗಾಗಿ ಕನ್ನಡ ಮತ್ತು ಸಂಸ್ಕೃತಿ ಇಲಾಖೆಗೆ ತಮ್ಮ ಜೀವಿತ ಪ್ರಮಾಣ ಪತ್ರವನ್ನು ಸಲ್ಲಿಸಬೇಕೆಂದು ಸಹಾ ಯಕ ನಿರ್ದೇಶಕ ಈಶ್ವರ್ ಕು ಮಿರ್ಜಿ ತಿಳಿಸಿದ್ದಾರೆ.
ಸಿದ್ಧಾರ್ಥ ಮಾಧ್ಯಮ ಅಧ್ಯಯನ ಕೇಂದ್ರದಲ್ಲಿ ಬೆಂಗಳೂರು ಗಾರ್ಡ್‌ನ್
ಸಿಟಿ ವಿಶ್ವವಿದ್ಯಾನಿಲಯದ ವಿದ್ಯಾರ್ಥಿಗಳಿಗೆ ಮಾಧ್ಯಮ ಕಾರ್ಯಾಗಾರ
ತುಮಕೂರು: ನಗರದ ಎಸ್‌ಎಸ್‌ಐಟಿ ಕ್ಯಾಂಪಸ್‌ನಲ್ಲಿರುವ ಶ್ರೀ ಸಿದ್ಧಾರ್ಥ ಮಾಧ್ಯಮ ಕೇಂದ್ರಕ್ಕೆ ಬೆಂಗಳೂರಿನ ಗಾರ್ಡನ್ ಸಿಟಿ ವಿಶ್ವವಿದ್ಯಾನಿಲಯದ ಪತ್ರಿಕೋದ್ಯಮ ವಿದ್ಯಾರ್ಥಿಗಳು ಪಠ್ಯ ವಿಷಯದ ಭಾಗವಾಗಿ ಸಿದ್ಧಾರ್ಥ ಸ್ಟೂಡಿಯೋ ಮತ್ತು ರೇಡಿಯೋ ಸಿದ್ಧಾರ್ಥ 90.8 ಸಿಇರವಿಸ್‌ಗೆ ಒಂದು ದಿನದ ಶೈಕ್ಷಣಿಕ ಭೇಟಿ ನೀಡಿ ಕಾರ್ಯಾಗಾರದಲ್ಲಿ ಭಾಗಿಯಾಗಿದರು. ಮಾಧ್ಯಮ ವಿದ್ಯಾರ್ಥಿಗಳಿಗೆ ಬೇಕಾದ ಎಲ್ಲ ಆಧುನಿಕ ಸೌಲಭ್ಯಗಳನ್ನು ಹೊಂದಿರುವ ಸಿದ್ಧಾರ್ಥ ಮಾಧ್ಯಮ ಅಧ್ಯಯನ ಕೇಂದ್ರದಲ್ಲಿ ವಿದ್ಯಾರ್ಥಿಗಳಿಗೆ ಪ್ರಾಯೋಗಿಕ ಕಾರ್ಯಗಳನ್ನು ಮಾಡುವ ಕುರಿತು ತಜ್ಞ ಪ್ರಾಧ್ಯಾಪಕರಿಂದ ತರಬೇತಿ ನೀಡಲಾಯಿತು. ಟಿವಿ ಮತ್ತು ರೇಡಿಯೋ ಕುರಿತಾಗಿ ನಿರ್ಮಾಣ ಪೂರ್ವ, ನಿರ್ಮಾಣ ಮತ್ತು ನಿರ್ಮಾಣೋತ್ತರ
ಕುರಿತು ಮಾಹಿತಿ ಪಡೆದುಕೊಂಡರು. ಜೊತೆಗೆ ಪ್ರಯೋಗಿಕವಾಗಿ ವಿದ್ಯಾರ್ಥಿಗಳೇ ಕೆಲ ಕಾರ್ಯಕ್ರಮಗಳನ್ನು ನಿರ್ಮಾಣ ಮಾಡಿದರು. ಸಿದ್ಧಾರ್ಥ ಟಿ.ವಿ. ಸ್ಟುಡಿಯೋ ಕ್ಯಾಮರಾ ಬಳಕೆ ಮಾಡುವುದು, ಸ್ಟುಡಿಯೋ ಸೆಟ್‌ಅಪ್, ಟಿ.ವಿ ಕಾರ್ಯಕ್ರಮ ನಿರ್ಮಾಣ ಕುರಿತು ತರಬೇತಿ ನೀಡಿದರೆ,
ಸಿದ್ಧಾರ್ಥ ರೇಡಿಯೋ ಕೇಂದ್ರದಲ್ಲಿ ರೇಡಿಯೋ ನಿರೂಪಣೆ, ಹಿನ್ನೆಲೆ ಧ್ವನಿ ಮತ್ತು ಬಾನುಲಿಯ ವಿವಿಧ ಕಾರ್ಯಕ್ರಮ ನಿರ್ಮಾಣ ಕುರಿತಂತೆ ಮಾಹಿತಿ ನೀಡಲಾಯಿತು. ಗಾರ್ಡ್‌ನ್ ಸಿಟಿ ವಿಶ್ವವಿದ್ಯಾನಿಲಯದ ಪತ್ರಿಕೋದ್ಯಮ ವಿದ್ಯಾರ್ಥಿಗಳು ಟಿವಿ ಮತ್ತು ರೇಡಿಯೋ ಕಾರ್ಯಕ್ರಮಗಳಿಗೆ
ಅಗತ್ಯವಿರುವ ಪ್ರತಿಬರಹ, ಹಿನ್ನೆಲೆ ಧ್ವನಿ, ಕಾರ್ಯಕ್ರಮ ನಿರ್ಮಾಣ, ಸಂಕಲನ ಸ್ವತಃ ತಯಾರಿಸಿ ಕಾರ್ಯಾಗಾರದ ಪ್ರಯೋಜನ ಪಡೆದುಕೊಂಡರು. ಗಾರ್ಡ್‌ನ್ ಸಿಟಿ ವಿಶ್ವವಿದ್ಯಾನಿಲಯದ ಪತ್ರಿಕೋದ್ಯಮ ವಿದ್ಯಾರ್ಥಿಗಳಿಗೆ ಪಠ್ಯ ಭಾಗವಾದ ಸಮುದಾಯ ಬಾನುಲಿ ವಿಷಯದಲ್ಲಿ ಸಮುದಾಯದ ಮಾಧ್ಯಮ, ನಿರ್ಮಾಣೋತ್ತರ ವಿಷಯಗಳ ಕುರಿತು ಪ್ರಾಯೋಗಿಕ ಕಲಿಕೆ ಅಗತ್ಯವಿರುವ ಹಿನ್ನೆಲೆಯಲ್ಲಿ ಒಂದು ದಿನದ ಶೈಕ್ಷಣಿಕ ಭೇಟಿಯಲ್ಲಿ ಕಾರ್ಯಾಗಾರದಲ್ಲಿ ವಿದ್ಯಾರ್ಥಿಗಳೊಂದಿಗೆ ಭಾಗವಹಿಸಿದೆವು. ಮಾಧ್ಯಮಕ್ಕೆ ಸಂಬಂಧಿಸಿದ ಹಾಗೂ ಕಲಿಯಲು ಉತ್ತಮ ಸೌಲಭ್ಯಗಳಿರುವ ಶ್ರೀ ಸಿದ್ಧಾರ್ಥ ಮಾಧ್ಯಮ ಅಧ್ಯಯನದಲ್ಲಿ ಹಲವು ವಿಷಯಗಳನ್ನು ಕಲಿತಿದ್ದೇವೆ ಮತ್ತು ವಿದ್ಯಾರ್ಥಿಗಳಿಗೆ ಕಾರ್ಯಾಗಾರ ಉಪಯುಕ್ತವಾಯಿತು ಎಂದು
ಗಾರ್ಡ್‌ನ್ ಸಿಟಿ ವಿಶ್ವವಿದ್ಯಾನಿಲಯದ ಪತ್ರಿಕೋದ್ಯಮ ವಿಭಾಗದ ಸಹಾಯಕ ಪ್ರಾಧ್ಯಾಪಕರಾದ ಮಾನಸ ಅವರು ಅಭಿಪ್ರಾಯಪಟ್ಟರು. ಗಾರ್ಡ್‌ನ್ ಸಿಟಿ ವಿಶ್ವವಿದ್ಯಾನಿಲಯದ ಪತ್ರಿಕೋದ್ಯಮ ವಿಭಾಗದ ಸಹಾಯಕ ಪ್ರಾಧ್ಯಾಪಕರಾದ ಕೌಶಿಕ್, ಶ್ರೀ ಸಿದ್ಧಾರ್ಥ ಮಾಧ್ಯಮ ಅಧ್ಯಯನದ ಕೇಂದ್ರದ ಸಹಾಯಕ ಪ್ರಾಧ್ಯಾಪಕರಾದ ಡಾ. ಜ್ಯೋತಿ ಸಿ, ಪ್ರೇಹಾ ಎಂ.ಸಿ, ಕಿರಣ್ ಸಿ ಎನ್, ರವಿಕುಮಾರ್ ಸಿ ಎಚ್, ಗ್ರಾಫಿಕ್ ಡಿಸೈನರ್ ಶಿವಕುಮಾರ್ ಎಸ್, ರೇಡಿಯೋ ಸಿದ್ಧಾರ್ಥ 90.8 ಎಫ್ ಎಂ ನ ಕಾರ್ಯಕ್ರಮ ನಿರ್ಮಾಣ ಸಹಾಯಕರಾದ ಗೌತಮ್ ಎ ವಿ, ಹರೀಶ್ ಮತ್ತು ಗಾರ್ಡ್‌ನ್ ಸಿಟಿ ವಿಶ್ವವಿದ್ಯಾನಿಲಯದ ಪತ್ರಿಕೋದ್ಯಮ ವಿಭಾಗದ ವಿದ್ಯಾರ್ಥಿಗಳು ಭಾಗವಹಿಸಿದ್ದರು.
